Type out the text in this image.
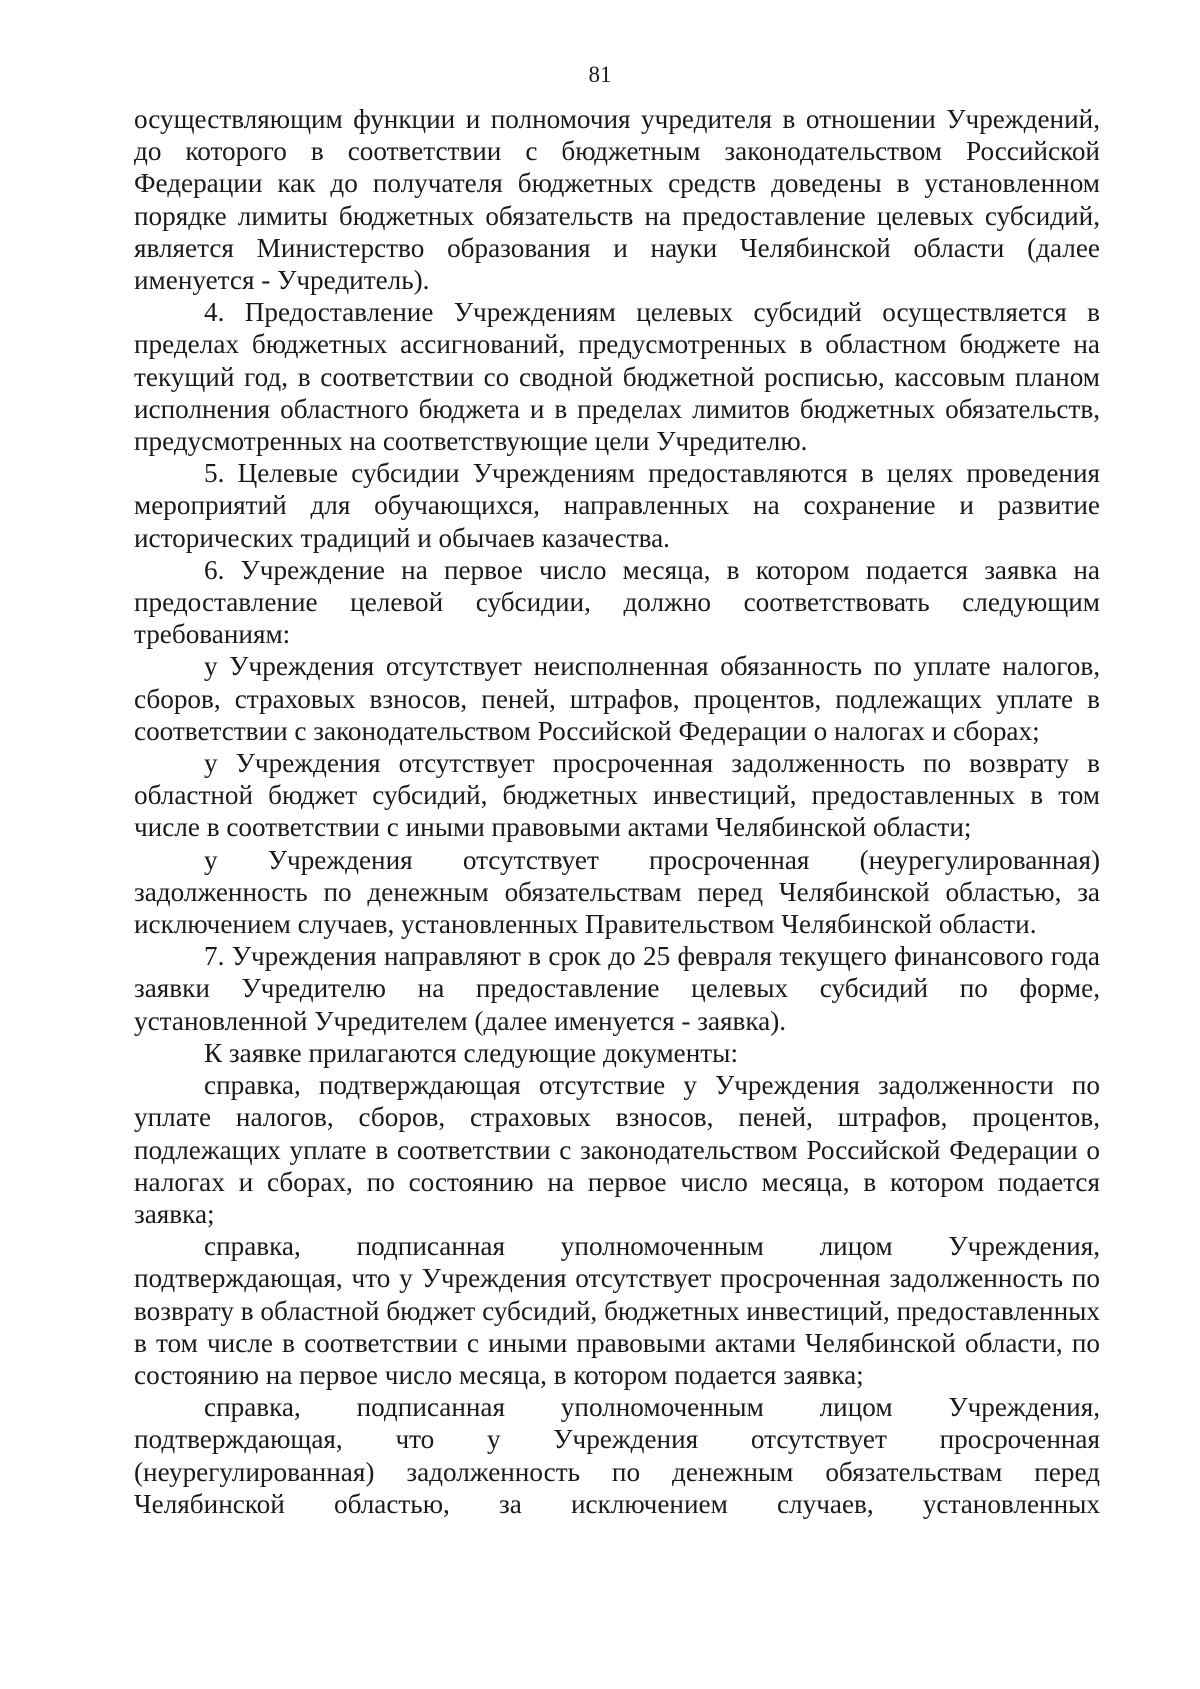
81

осуществляющим функции и полномочия учредителя в отношении Учреждений, до которого в соответствии с бюджетным законодательством Российской Федерации как до получателя бюджетных средств доведены в установленном порядке лимиты бюджетных обязательств на предоставление целевых субсидий, является Министерство образования и науки Челябинской области (далее именуется - Учредитель).

4. Предоставление Учреждениям целевых субсидий осуществляется в пределах бюджетных ассигнований, предусмотренных в областном бюджете на текущий год, в соответствии со сводной бюджетной росписью, кассовым планом исполнения областного бюджета и в пределах лимитов бюджетных обязательств, предусмотренных на соответствующие цели Учредителю.

5. Целевые субсидии Учреждениям предоставляются в целях проведения мероприятий для обучающихся, направленных на сохранение и развитие исторических традиций и обычаев казачества.

6. Учреждение на первое число месяца, в котором подается заявка на предоставление целевой субсидии, должно соответствовать следующим требованиям:

у Учреждения отсутствует неисполненная обязанность по уплате налогов, сборов, страховых взносов, пеней, штрафов, процентов, подлежащих уплате в соответствии с законодательством Российской Федерации о налогах и сборах;

у Учреждения отсутствует просроченная задолженность по возврату в областной бюджет субсидий, бюджетных инвестиций, предоставленных в том числе в соответствии с иными правовыми актами Челябинской области;

у Учреждения отсутствует просроченная (неурегулированная) задолженность по денежным обязательствам перед Челябинской областью, за исключением случаев, установленных Правительством Челябинской области.

7. Учреждения направляют в срок до 25 февраля текущего финансового года заявки Учредителю на предоставление целевых субсидий по форме, установленной Учредителем (далее именуется - заявка).

К заявке прилагаются следующие документы:

справка, подтверждающая отсутствие у Учреждения задолженности по уплате налогов, сборов, страховых взносов, пеней, штрафов, процентов, подлежащих уплате в соответствии с законодательством Российской Федерации о налогах и сборах, по состоянию на первое число месяца, в котором подается заявка;

справка, подписанная уполномоченным лицом Учреждения, подтверждающая, что у Учреждения отсутствует просроченная задолженность по возврату в областной бюджет субсидий, бюджетных инвестиций, предоставленных в том числе в соответствии с иными правовыми актами Челябинской области, по состоянию на первое число месяца, в котором подается заявка;

справка, подписанная уполномоченным лицом Учреждения, подтверждающая, что у Учреждения отсутствует просроченная (неурегулированная) задолженность по денежным обязательствам перед Челябинской областью, за исключением случаев, установленных
